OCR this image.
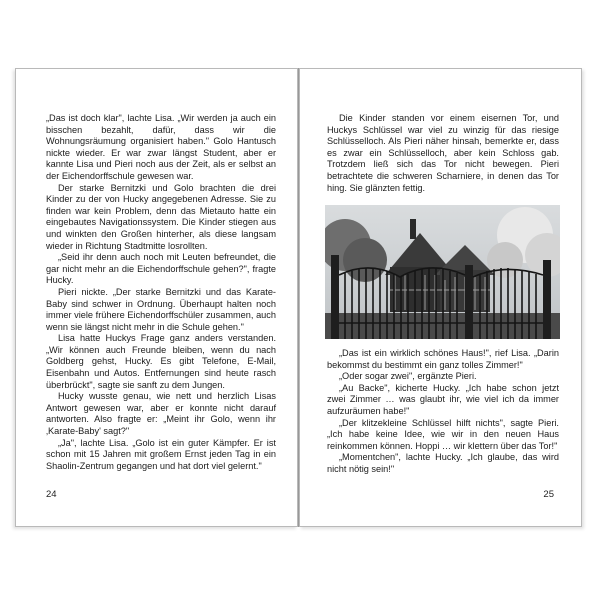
„Das ist doch klar", lachte Lisa. „Wir werden ja auch ein bisschen bezahlt, dafür, dass wir die Wohnungsräumung organisiert haben." Golo Hantusch nickte wieder. Er war zwar längst Student, aber er kannte Lisa und Pieri noch aus der Zeit, als er selbst an der Eichendorffschule gewesen war.

Der starke Bernitzki und Golo brachten die drei Kinder zu der von Hucky angegebenen Adresse. Sie zu finden war kein Problem, denn das Mietauto hatte ein eingebautes Navigationssystem. Die Kinder stiegen aus und winkten den Großen hinterher, als diese langsam wieder in Richtung Stadtmitte losrollten.

„Seid ihr denn auch noch mit Leuten befreundet, die gar nicht mehr an die Eichendorffschule gehen?", fragte Hucky.

Pieri nickte. „Der starke Bernitzki und das Karate-Baby sind schwer in Ordnung. Überhaupt halten noch immer viele frühere Eichendorffschüler zusammen, auch wenn sie längst nicht mehr in die Schule gehen."

Lisa hatte Huckys Frage ganz anders verstanden. „Wir können auch Freunde bleiben, wenn du nach Goldberg gehst, Hucky. Es gibt Telefone, E-Mail, Eisenbahn und Autos. Entfernungen sind heute rasch überbrückt", sagte sie sanft zu dem Jungen.

Hucky wusste genau, wie nett und herzlich Lisas Antwort gewesen war, aber er konnte nicht darauf antworten. Also fragte er: „Meint ihr Golo, wenn ihr ‚Karate-Baby' sagt?"

„Ja", lachte Lisa. „Golo ist ein guter Kämpfer. Er ist schon mit 15 Jahren mit großem Ernst jeden Tag in ein Shaolin-Zentrum gegangen und hat dort viel gelernt."

24

Die Kinder standen vor einem eisernen Tor, und Huckys Schlüssel war viel zu winzig für das riesige Schlüsselloch. Als Pieri näher hinsah, bemerkte er, dass es zwar ein Schlüsselloch, aber kein Schloss gab. Trotzdem ließ sich das Tor nicht bewegen. Pieri betrachtete die schweren Scharniere, in denen das Tor hing. Sie glänzten fettig.

„Das ist ein wirklich schönes Haus!", rief Lisa. „Darin bekommst du bestimmt ein ganz tolles Zimmer!"

„Oder sogar zwei", ergänzte Pieri.

„Au Backe", kicherte Hucky. „Ich habe schon jetzt zwei Zimmer … was glaubt ihr, wie viel ich da immer aufzuräumen habe!"

„Der klitzekleine Schlüssel hilft nichts", sagte Pieri. „Ich habe keine Idee, wie wir in den neuen Haus reinkommen können. Hoppi … wir klettern über das Tor!"

„Momentchen", lachte Hucky. „Ich glaube, das wird nicht nötig sein!"

25
